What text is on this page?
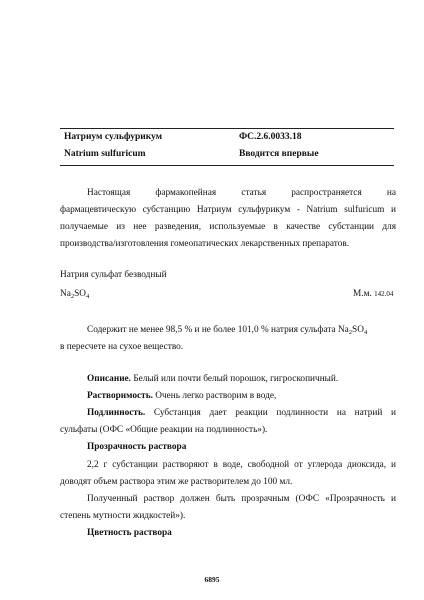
Натриум сульфурикум	ФС.2.6.0033.18
Natrium sulfuricum	Вводится впервые
Настоящая фармакопейная статья распространяется на
фармацевтическую субстанцию Натриум сульфурикум - Natrium sulfuricum и
получаемые из нее разведения, используемые в качестве субстанции для
производства/изготовления гомеопатических лекарственных препаратов.
Натрия сульфат безводный
$Na_2SO_4$	М.м. 142.04
Содержит не менее 98,5 % и не более 101,0 % натрия сульфата $Na_2SO_4$
в пересчете на сухое вещество.
Описание. Белый или почти белый порошок, гигроскопичный.
Растворимость. Очень легко растворим в воде,
Подлинность. Субстанция дает реакции подлинности на натрий и
сульфаты (ОФС «Общие реакции на подлинность»).
Прозрачность раствора
2,2 г субстанции растворяют в воде, свободной от углерода диоксида, и
доводят объем раствора этим же растворителем до 100 мл.
Полученный раствор должен быть прозрачным (ОФС «Прозрачность и
степень мутности жидкостей»).
Цветность раствора
6895
